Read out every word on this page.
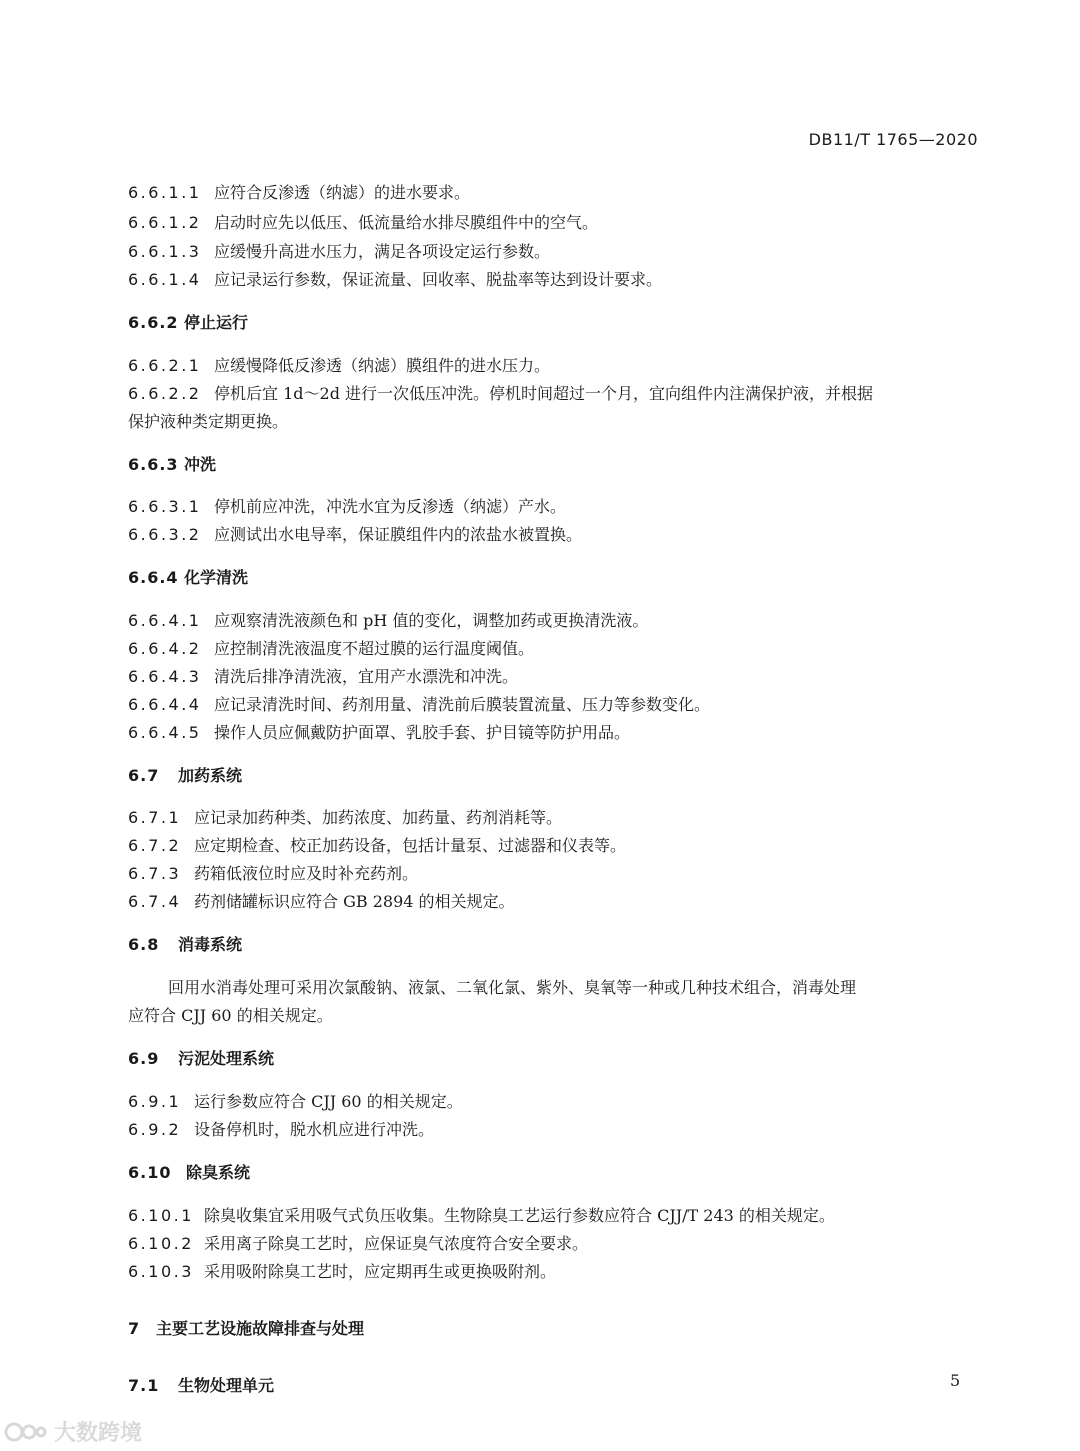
DB11/T 1765—2020
6.6.1.1 应符合反渗透（纳滤）的进水要求。
6.6.1.2 启动时应先以低压、低流量给水排尽膜组件中的空气。
6.6.1.3 应缓慢升高进水压力，满足各项设定运行参数。
6.6.1.4 应记录运行参数，保证流量、回收率、脱盐率等达到设计要求。
6.6.2 停止运行
6.6.2.1 应缓慢降低反渗透（纳滤）膜组件的进水压力。
6.6.2.2 停机后宜 1d～2d 进行一次低压冲洗。停机时间超过一个月，宜向组件内注满保护液，并根据
保护液种类定期更换。
6.6.3 冲洗
6.6.3.1 停机前应冲洗，冲洗水宜为反渗透（纳滤）产水。
6.6.3.2 应测试出水电导率，保证膜组件内的浓盐水被置换。
6.6.4 化学清洗
6.6.4.1 应观察清洗液颜色和 pH 值的变化，调整加药或更换清洗液。
6.6.4.2 应控制清洗液温度不超过膜的运行温度阈值。
6.6.4.3 清洗后排净清洗液，宜用产水漂洗和冲洗。
6.6.4.4 应记录清洗时间、药剂用量、清洗前后膜装置流量、压力等参数变化。
6.6.4.5 操作人员应佩戴防护面罩、乳胶手套、护目镜等防护用品。
6.7 加药系统
6.7.1 应记录加药种类、加药浓度、加药量、药剂消耗等。
6.7.2 应定期检查、校正加药设备，包括计量泵、过滤器和仪表等。
6.7.3 药箱低液位时应及时补充药剂。
6.7.4 药剂储罐标识应符合 GB 2894 的相关规定。
6.8 消毒系统
回用水消毒处理可采用次氯酸钠、液氯、二氧化氯、紫外、臭氧等一种或几种技术组合，消毒处理
应符合 CJJ 60 的相关规定。
6.9 污泥处理系统
6.9.1 运行参数应符合 CJJ 60 的相关规定。
6.9.2 设备停机时，脱水机应进行冲洗。
6.10 除臭系统
6.10.1 除臭收集宜采用吸气式负压收集。生物除臭工艺运行参数应符合 CJJ/T 243 的相关规定。
6.10.2 采用离子除臭工艺时，应保证臭气浓度符合安全要求。
6.10.3 采用吸附除臭工艺时，应定期再生或更换吸附剂。
7 主要工艺设施故障排查与处理
7.1 生物处理单元	5
大数跨境
